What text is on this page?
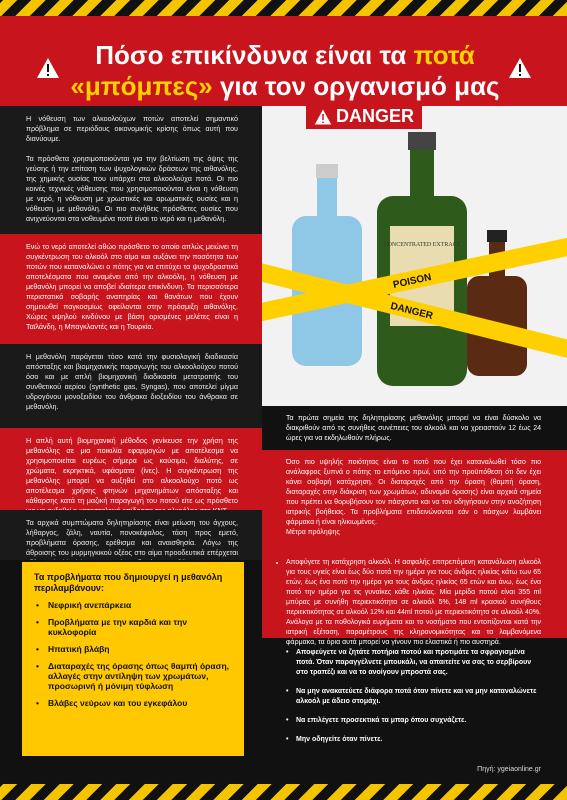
Πόσο επικίνδυνα είναι τα ποτά
«μπόμπες» για τον οργανισμό μας
DANGER

Η νόθευση των αλκοολούχων ποτών αποτελεί σημαντικό πρόβλημα σε περιόδους οικονομικής κρίσης όπως αυτή που διανύουμε.

Τα πρόσθετα χρησιμοποιούνται για την βελτίωση της όψης της γεύσης ή την επίταση των ψυχολογικών δράσεων της αιθανόλης, της χημικής ουσίας που υπάρχει στα αλκοολούχα ποτά. Οι πιο κοινές τεχνικές νόθευσης που χρησιμοποιούνται είναι η νόθευση με νερό, η νόθευση με χρωστικές και αρωματικές ουσίες και η νόθευση με μεθανόλη. Οι πιο συνήθεις πρόσθετες ουσίες που ανιχνεύονται στα νοθευμένα ποτά είναι το νερό και η μεθανόλη.

Ενώ το νερό αποτελεί αθώο πρόσθετο το οποίο απλώς μειώνει τη συγκέντρωση του αλκοόλ στο αίμα και αυξάνει την ποσότητα των ποτών που καταναλώνει ο πότης για να επιτύχει τα ψυχοδραστικά αποτελέσματα που αναμένει από την αλκοόλη, η νόθευση με μεθανόλη μπορεί να αποβεί ιδιαίτερα επικίνδυνη. Τα περισσότερα περιστατικά σοβαρής αναπηρίας και θανάτων που έχουν σημειωθεί παγκοσμίως οφείλονται στην πρόσμιξη αιθανόλης. Χώρες υψηλού κινδύνου με βάση ορισμένες μελέτες είναι η Ταϊλάνδη, η Μπαγκλαντές και η Τουρκία.

Η μεθανόλη παράγεται τόσο κατά την φυσιολογική διαδικασία απόσταξης και βιομηχανικής παραγωγής του αλκοολούχου ποτού όσο και με απλή βιομηχανική διαδικασία μετατροπής του συνθετικού αερίου (synthetic gas, Syngas), που αποτελεί μίγμα υδρογόνου μονοξειδίου του άνθρακα διοξειδίου του άνθρακα σε μεθανόλη.

Η απλή αυτή βιομηχανική μέθοδος γενίκευσε την χρήση της μεθανόλης σε μια ποικιλία εφαρμογών με αποτέλεσμα να χρησιμοποιείται ευρέως σήμερα ως καύσιμο, διαλύτης, σε χρώματα, εκρηκτικά, υφάσματα (ίνες). Η συγκέντρωση της μεθανόλης μπορεί να αυξηθεί στο αλκοολούχο ποτό ως αποτέλεσμα χρήσης φτηνών μηχανημάτων απόσταξης και κάθαρσης κατά τη μαζική παραγωγή του ποτού είτε ως πρόσθετο

Τα αρχικά συμπτώματα δηλητηρίασης είναι μείωση του άγχους, λήθαργος, ζάλη, ναυτία, πονοκέφαλος, τάση προς εμετό, προβλήματα όρασης, ερέθισμα και αναισθησία. Λόγω της άθροισης του μυρμηγκικού οξέος στο αίμα προοδευτικά επέρχεται

Τα προβλήματα που δημιουργεί η μεθανόλη περιλαμβάνουν:
• Νεφρική ανεπάρκεια
• Προβλήματα με την καρδιά και την κυκλοφορία
• Ηπατική βλάβη
• Διαταραχές της όρασης όπως θαμπή όραση, αλλαγές στην αντίληψη των χρωμάτων, προσωρινή ή μόνιμη τύφλωση
• Βλάβες νεύρων και του εγκεφάλου
CONCENTRATED EXTRACT
POISON
DANGER

Τα πρώτα σημεία της δηλητηρίασης μεθανόλης μπορεί να είναι δύσκολο να διακριθούν από τις συνήθεις συνέπειες του αλκοόλ και να χρειαστούν 12 έως 24 ώρες για να εκδηλωθούν πλήρως.

Όσο πιο υψηλής ποιότητας είναι το ποτό που έχει καταναλωθεί τόσο πιο ανάλαφρος ξυπνά ο πότης το επόμενο πρωί, υπό την προϋπόθεση ότι δεν έχει κάνει σοβαρή κατάχρηση. Οι διαταραχές από την όραση (θαμπή όραση, διαταραχές στην διάκριση των χρωμάτων, αδυναμία όρασης) είναι αρχικά σημεία που πρέπει να θορυβήσουν τον πάσχοντα και να τον οδηγήσουν στην αναζήτηση ιατρικής βοήθειας. Τα προβλήματα επιδεινώνονται εάν ο πάσχων λαμβάνει φάρμακα ή είναι ηλικιωμένος.

Μέτρα πρόληψης

• Αποφύγετε τη κατάχρηση αλκοόλ. Η ασφαλής επιτρεπόμενη κατανάλωση αλκοόλ για τους υγιείς είναι έως δύο ποτά την ημέρα για τους άνδρες ηλικίας κάτω των 65 ετών, έως ένα ποτό την ημέρα για τους άνδρες ηλικίας 65 ετών και άνω, έως ένα ποτό την ημέρα για τις γυναίκες κάθε ηλικίας. Μία μερίδα ποτού είναι 355 ml μπύρας με συνήθη περιεκτικότητα σε αλκοόλ 5%, 148 ml κρασιού συνήθους περιεκτικότητας σε αλκοόλ 12% και 44ml ποτού με περιεκτικότητα σε αλκοόλ 40%. Ανάλογα με τα ποθολογικά ευρήματα και το νοσήματα που εντοπίζονται κατά την ιατρική εξέταση, παραμέτρους της κληρονομικότητας και τα λαμβανόμενα φάρμακα, τα όρια αυτά μπορεί να γίνουν πιο ελαστικά ή πιο αυστηρά.
• Αποφεύγετε να ζητάτε ποτήρια ποτού και προτιμάτε τα σφραγισμένα ποτά. Όταν παραγγέλνετε μπουκάλι, να απαιτείτε να σας το σερβίρουν στο τραπέζι και να το ανοίγουν μπροστά σας.
• Να μην ανακατεύετε διάφορα ποτά όταν πίνετε και να μην καταναλώνετε αλκοόλ με άδειο στομάχι.
• Να επιλέγετε προσεκτικά τα μπαρ όπου συχνάζετε.
• Μην οδηγείτε όταν πίνετε.
Πηγή: ygeiaonline.gr
